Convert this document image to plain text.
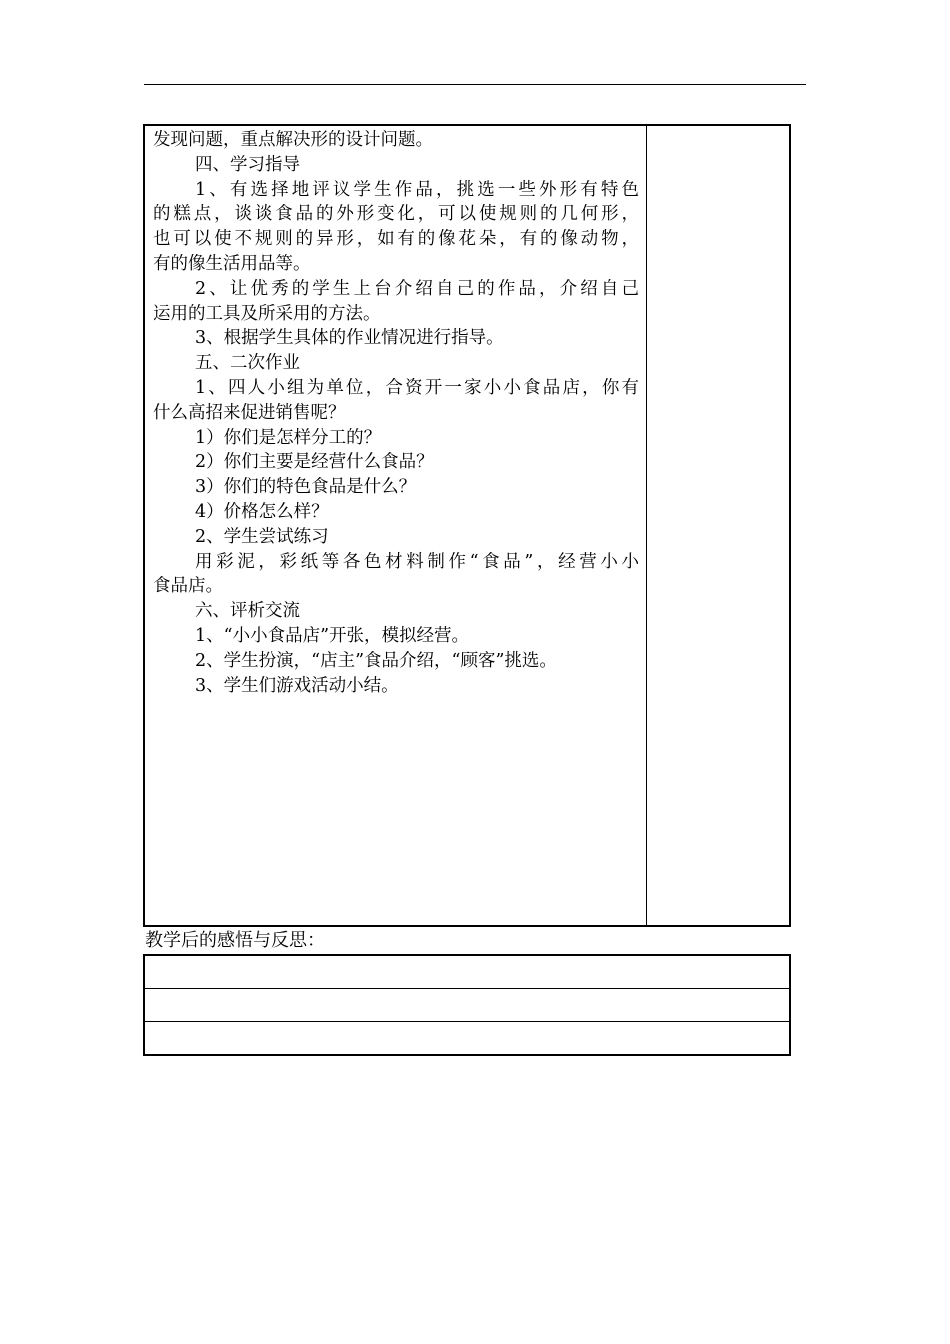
发现问题，重点解决形的设计问题。
四、学习指导
1、有选择地评议学生作品，挑选一些外形有特色
的糕点，谈谈食品的外形变化，可以使规则的几何形，
也可以使不规则的异形，如有的像花朵，有的像动物，
有的像生活用品等。
2、让优秀的学生上台介绍自己的作品，介绍自己
运用的工具及所采用的方法。
3、根据学生具体的作业情况进行指导。
五、二次作业
1、四人小组为单位，合资开一家小小食品店，你有
什么高招来促进销售呢？
1）你们是怎样分工的？
2）你们主要是经营什么食品？
3）你们的特色食品是什么？
4）价格怎么样？
2、学生尝试练习
用彩泥，彩纸等各色材料制作“食品”，经营小小
食品店。
六、评析交流
1、“小小食品店”开张，模拟经营。
2、学生扮演，“店主”食品介绍，“顾客”挑选。
3、学生们游戏活动小结。
教学后的感悟与反思：
